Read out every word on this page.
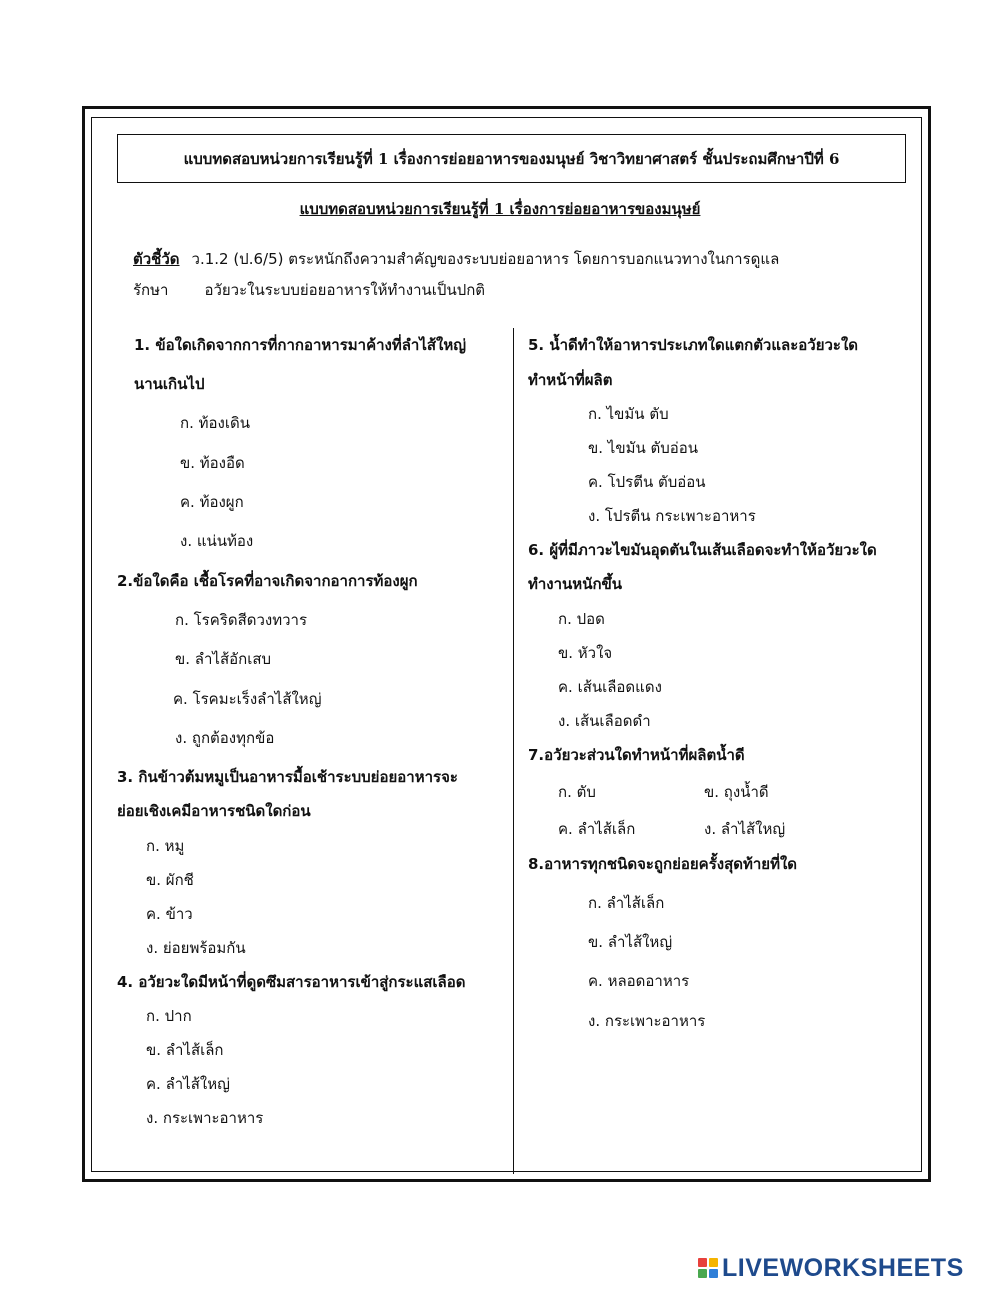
แบบทดสอบหน่วยการเรียนรู้ที่ 1 เรื่องการย่อยอาหารของมนุษย์ วิชาวิทยาศาสตร์ ชั้นประถมศึกษาปีที่ 6
แบบทดสอบหน่วยการเรียนรู้ที่ 1 เรื่องการย่อยอาหารของมนุษย์
ตัวชี้วัด ว.1.2 (ป.6/5) ตระหนักถึงความสำคัญของระบบย่อยอาหาร โดยการบอกแนวทางในการดูแล
รักษา อวัยวะในระบบย่อยอาหารให้ทำงานเป็นปกติ
1. ข้อใดเกิดจากการที่กากอาหารมาค้างที่ลำไส้ใหญ่
นานเกินไป
ก. ท้องเดิน
ข. ท้องอืด
ค. ท้องผูก
ง. แน่นท้อง
2.ข้อใดคือ เชื้อโรคที่อาจเกิดจากอาการท้องผูก
ก. โรคริดสีดวงทวาร
ข. ลำไส้อักเสบ
ค. โรคมะเร็งลำไส้ใหญ่
ง. ถูกต้องทุกข้อ
3. กินข้าวต้มหมูเป็นอาหารมื้อเช้าระบบย่อยอาหารจะ
ย่อยเชิงเคมีอาหารชนิดใดก่อน
ก. หมู
ข. ผักชี
ค. ข้าว
ง. ย่อยพร้อมกัน
4. อวัยวะใดมีหน้าที่ดูดซึมสารอาหารเข้าสู่กระแสเลือด
ก. ปาก
ข. ลำไส้เล็ก
ค. ลำไส้ใหญ่
ง. กระเพาะอาหาร
5. น้ำดีทำให้อาหารประเภทใดแตกตัวและอวัยวะใด
ทำหน้าที่ผลิต
ก. ไขมัน ตับ
ข. ไขมัน ตับอ่อน
ค. โปรตีน ตับอ่อน
ง. โปรตีน กระเพาะอาหาร
6. ผู้ที่มีภาวะไขมันอุดตันในเส้นเลือดจะทำให้อวัยวะใด
ทำงานหนักขึ้น
ก. ปอด
ข. หัวใจ
ค. เส้นเลือดแดง
ง. เส้นเลือดดำ
7.อวัยวะส่วนใดทำหน้าที่ผลิตน้ำดี
ก. ตับ	ข. ถุงน้ำดี
ค. ลำไส้เล็ก	ง. ลำไส้ใหญ่
8.อาหารทุกชนิดจะถูกย่อยครั้งสุดท้ายที่ใด
ก. ลำไส้เล็ก
ข. ลำไส้ใหญ่
ค. หลอดอาหาร
ง. กระเพาะอาหาร
LIVEWORKSHEETS
